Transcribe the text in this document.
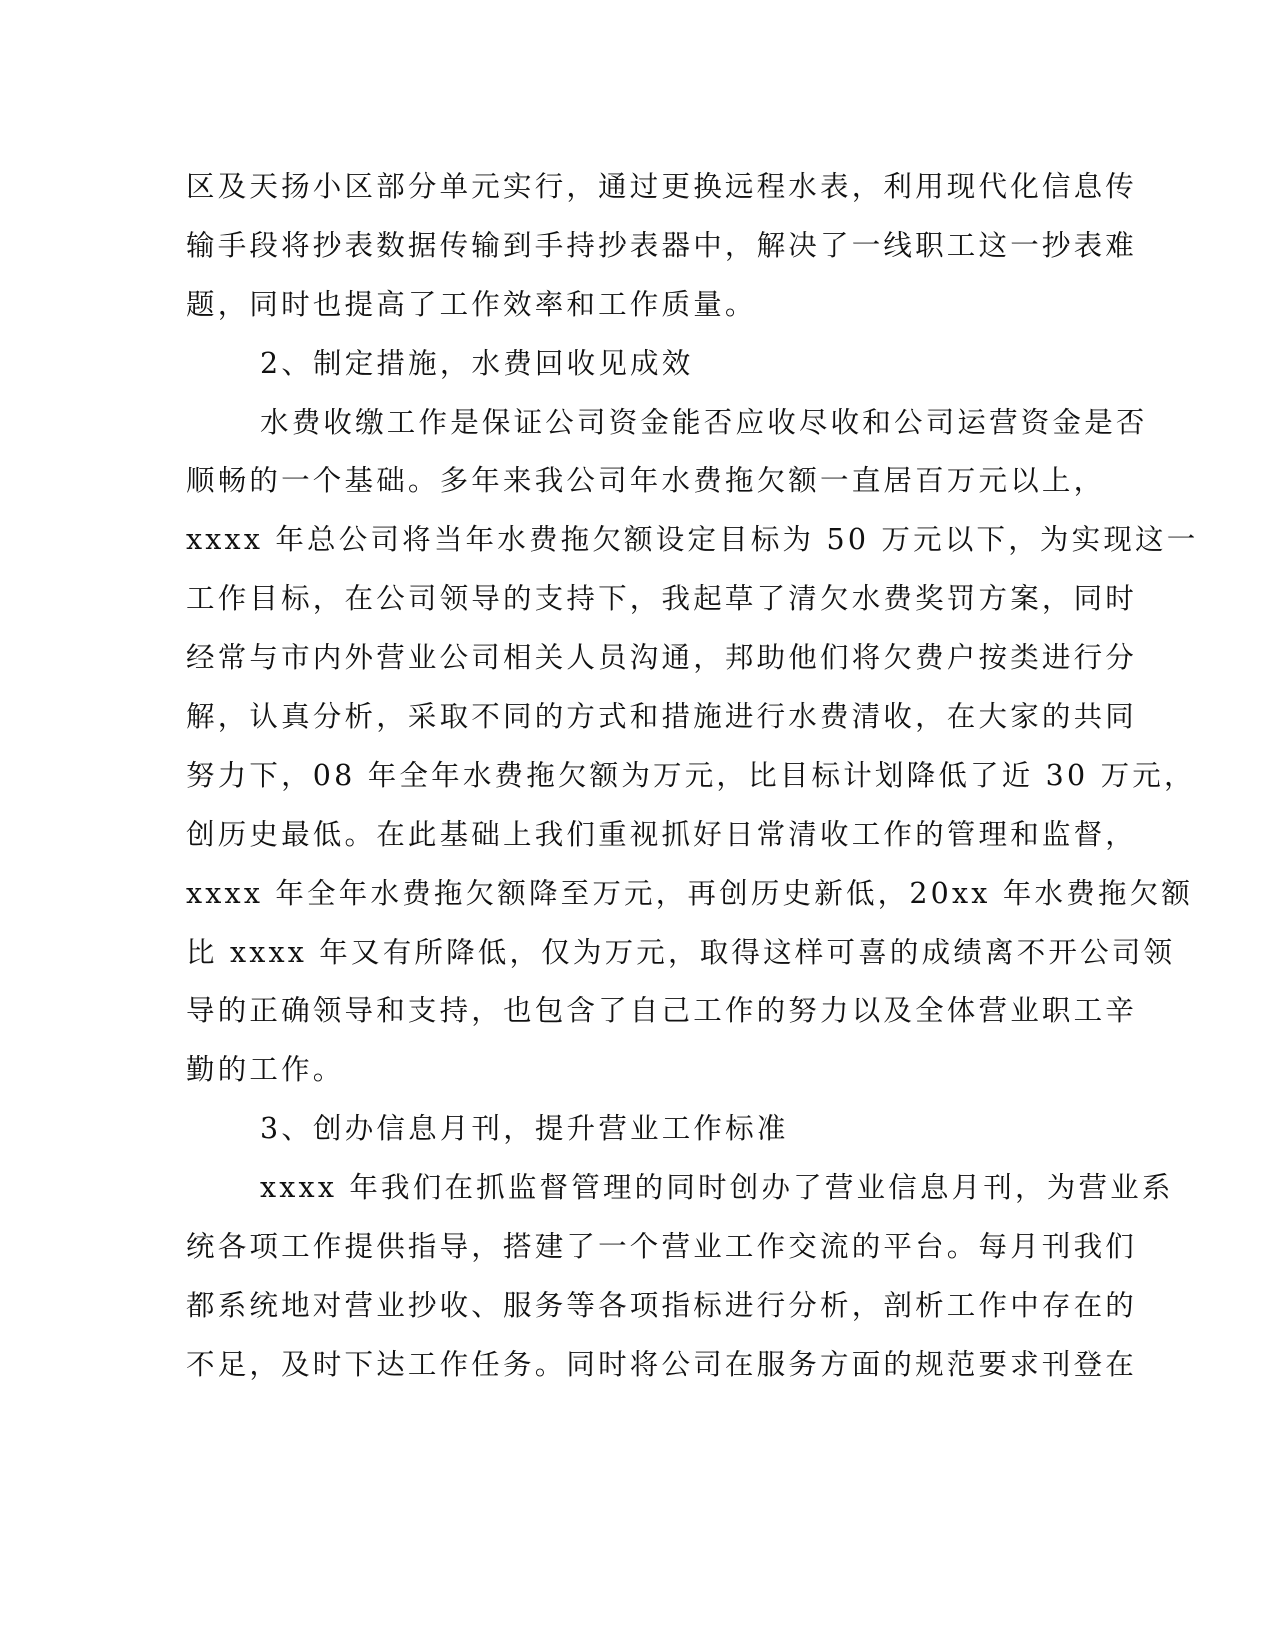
区及天扬小区部分单元实行，通过更换远程水表，利用现代化信息传
输手段将抄表数据传输到手持抄表器中，解决了一线职工这一抄表难
题，同时也提高了工作效率和工作质量。
2、制定措施，水费回收见成效
水费收缴工作是保证公司资金能否应收尽收和公司运营资金是否
顺畅的一个基础。多年来我公司年水费拖欠额一直居百万元以上，
xxxx 年总公司将当年水费拖欠额设定目标为 50 万元以下，为实现这一
工作目标，在公司领导的支持下，我起草了清欠水费奖罚方案，同时
经常与市内外营业公司相关人员沟通，邦助他们将欠费户按类进行分
解，认真分析，采取不同的方式和措施进行水费清收，在大家的共同
努力下，08 年全年水费拖欠额为万元，比目标计划降低了近 30 万元，
创历史最低。在此基础上我们重视抓好日常清收工作的管理和监督，
xxxx 年全年水费拖欠额降至万元，再创历史新低，20xx 年水费拖欠额
比 xxxx 年又有所降低，仅为万元，取得这样可喜的成绩离不开公司领
导的正确领导和支持，也包含了自己工作的努力以及全体营业职工辛
勤的工作。
3、创办信息月刊，提升营业工作标准
xxxx 年我们在抓监督管理的同时创办了营业信息月刊，为营业系
统各项工作提供指导，搭建了一个营业工作交流的平台。每月刊我们
都系统地对营业抄收、服务等各项指标进行分析，剖析工作中存在的
不足，及时下达工作任务。同时将公司在服务方面的规范要求刊登在
